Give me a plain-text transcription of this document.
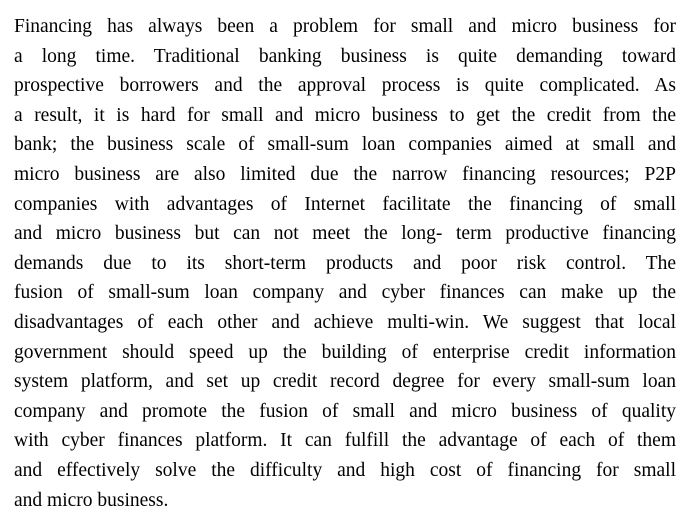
Financing has always been a problem for small and micro business for
a long time. Traditional banking business is quite demanding toward
prospective borrowers and the approval process is quite complicated. As
a result, it is hard for small and micro business to get the credit from the
bank; the business scale of small-sum loan companies aimed at small and
micro business are also limited due the narrow financing resources; P2P
companies with advantages of Internet facilitate the financing of small
and micro business but can not meet the long- term productive financing
demands due to its short-term products and poor risk control. The
fusion of small-sum loan company and cyber finances can make up the
disadvantages of each other and achieve multi-win. We suggest that local
government should speed up the building of enterprise credit information
system platform, and set up credit record degree for every small-sum loan
company and promote the fusion of small and micro business of quality
with cyber finances platform. It can fulfill the advantage of each of them
and effectively solve the difficulty and high cost of financing for small
and micro business.
